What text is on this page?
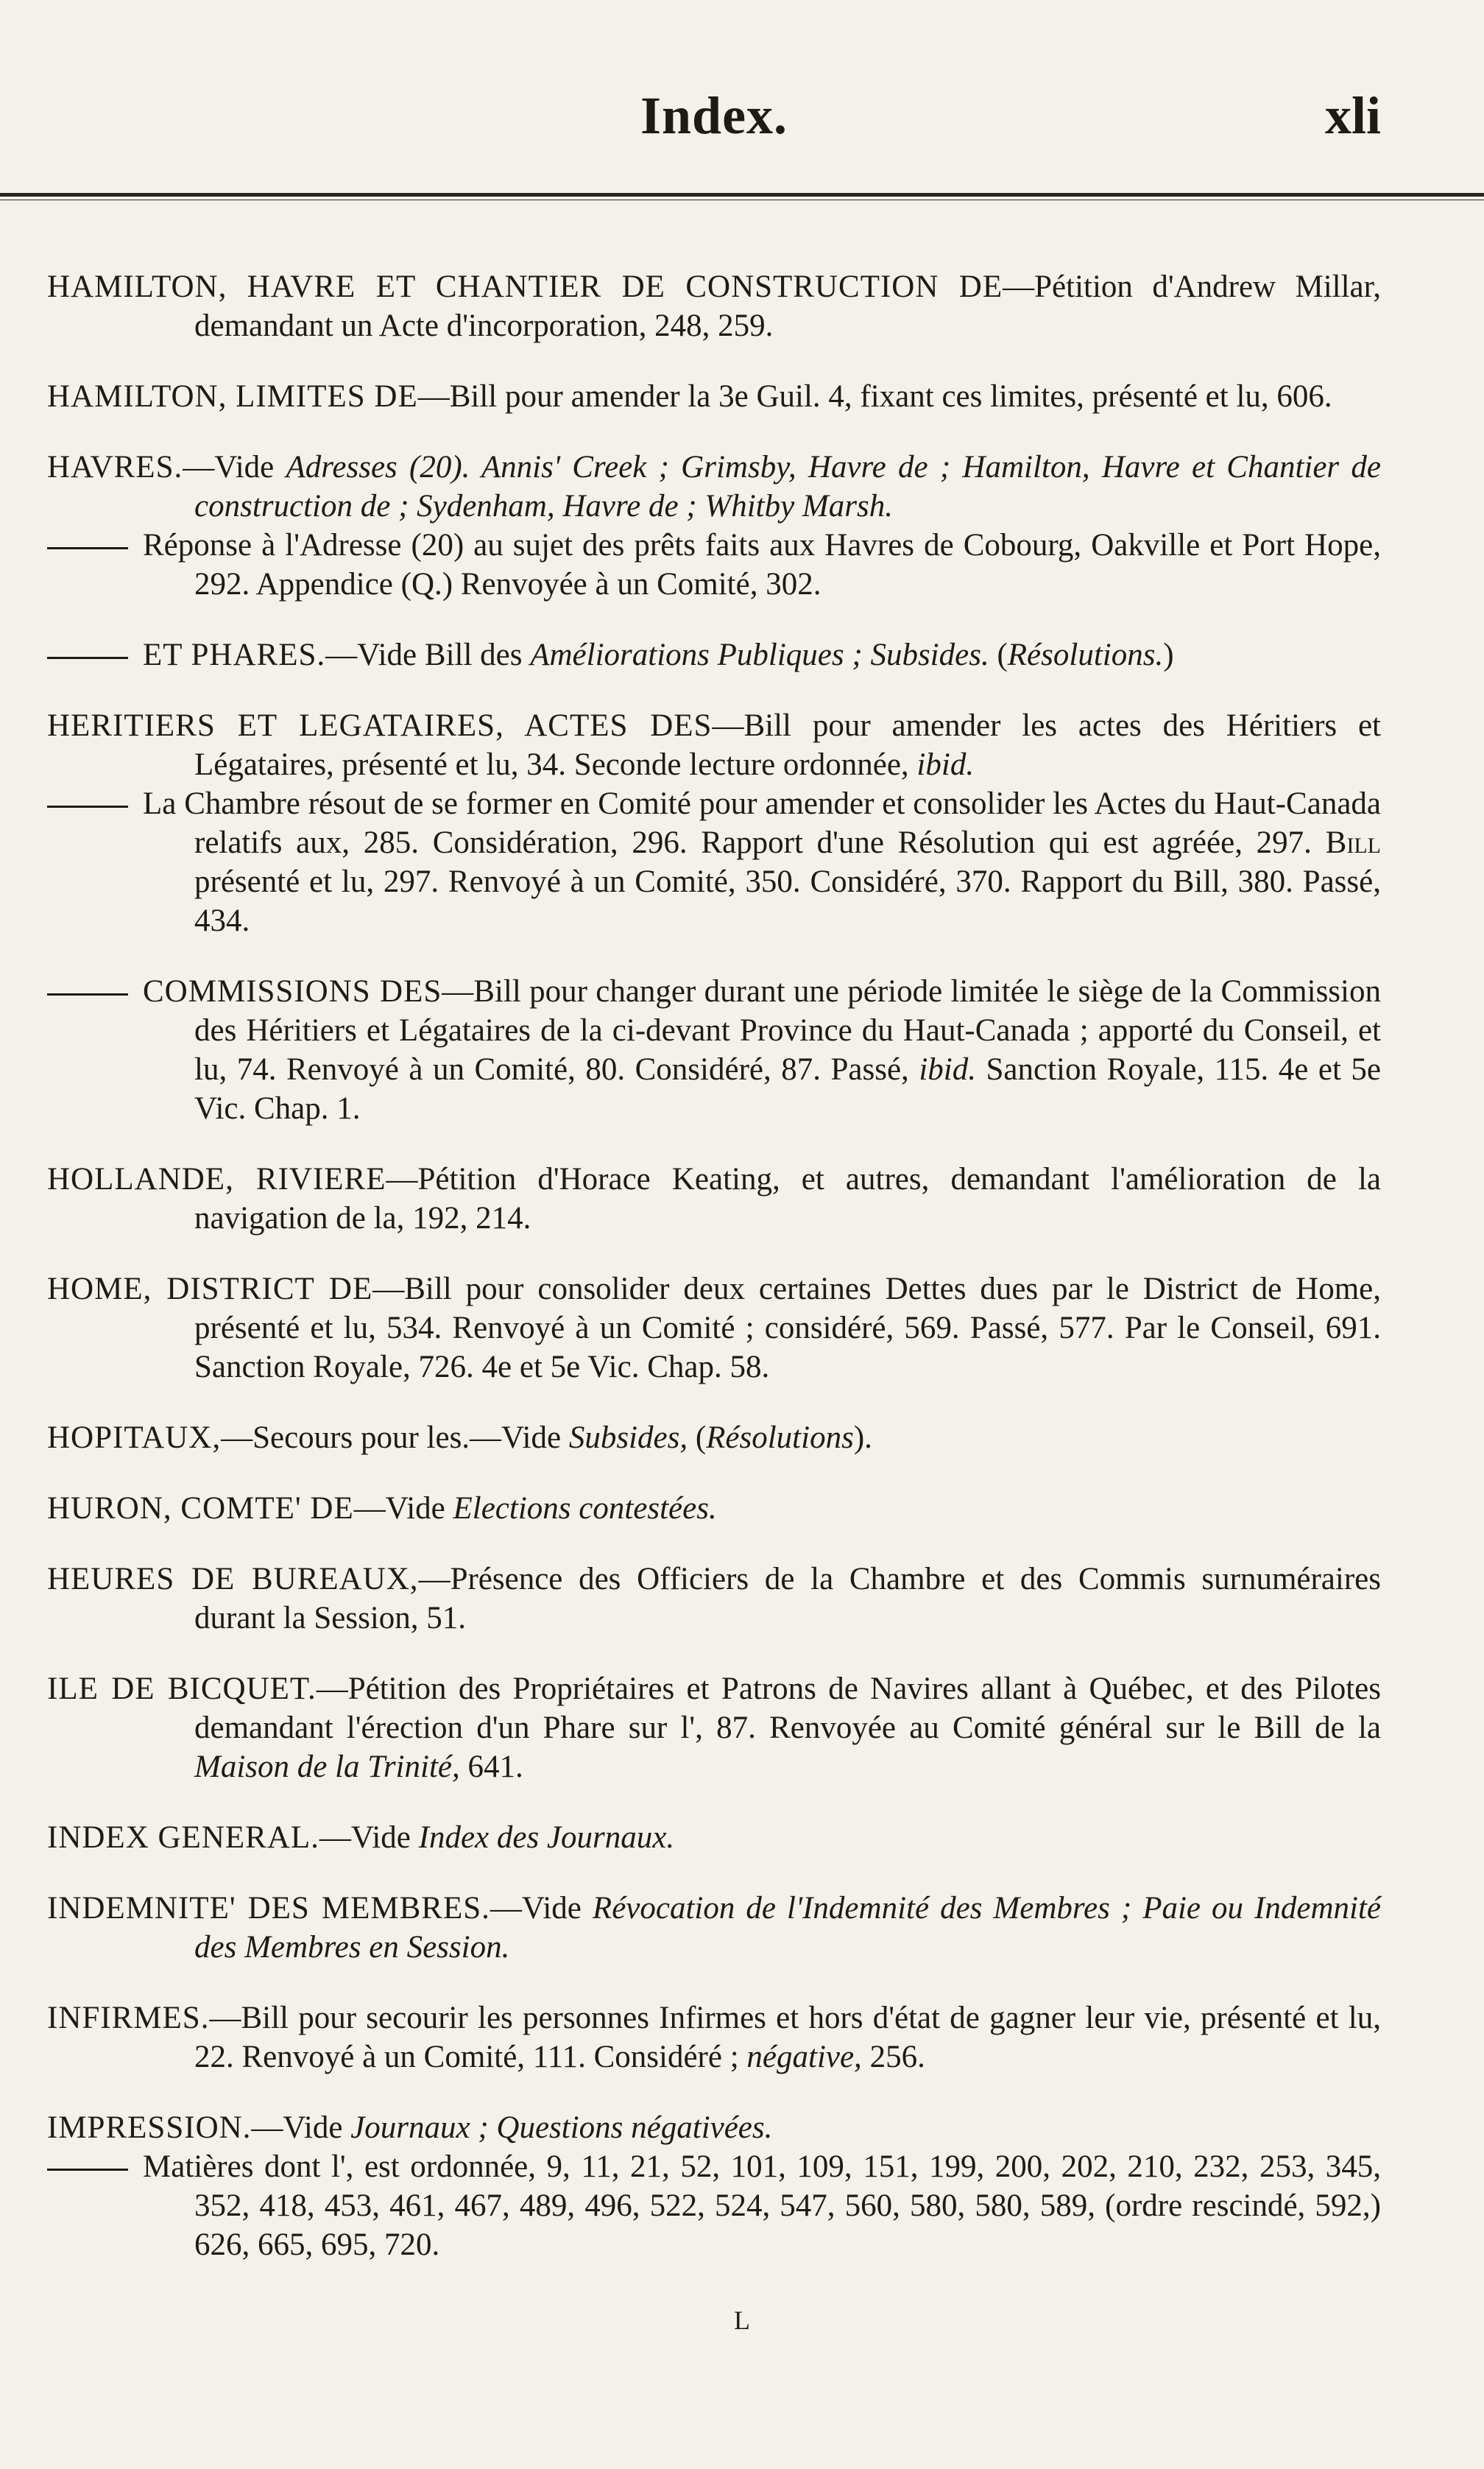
Index.	xli

HAMILTON, HAVRE ET CHANTIER DE CONSTRUCTION DE—Pétition d'Andrew Millar, demandant un Acte d'incorporation, 248, 259.

HAMILTON, LIMITES DE—Bill pour amender la 3e Guil. 4, fixant ces limites, présenté et lu, 606.

HAVRES.—Vide Adresses (20). Annis' Creek ; Grimsby, Havre de ; Hamilton, Havre et Chantier de construction de ; Sydenham, Havre de ; Whitby Marsh.

Réponse à l'Adresse (20) au sujet des prêts faits aux Havres de Cobourg, Oakville et Port Hope, 292. Appendice (Q.) Renvoyée à un Comité, 302.

ET PHARES.—Vide Bill des Améliorations Publiques ; Subsides. (Résolutions.)

HERITIERS ET LEGATAIRES, ACTES DES—Bill pour amender les actes des Héritiers et Légataires, présenté et lu, 34. Seconde lecture ordonnée, ibid.

La Chambre résout de se former en Comité pour amender et consolider les Actes du Haut-Canada relatifs aux, 285. Considération, 296. Rapport d'une Résolution qui est agréée, 297. Bill présenté et lu, 297. Renvoyé à un Comité, 350. Considéré, 370. Rapport du Bill, 380. Passé, 434.

COMMISSIONS DES—Bill pour changer durant une période limitée le siège de la Commission des Héritiers et Légataires de la ci-devant Province du Haut-Canada ; apporté du Conseil, et lu, 74. Renvoyé à un Comité, 80. Considéré, 87. Passé, ibid. Sanction Royale, 115. 4e et 5e Vic. Chap. 1.

HOLLANDE, RIVIERE—Pétition d'Horace Keating, et autres, demandant l'amélioration de la navigation de la, 192, 214.

HOME, DISTRICT DE—Bill pour consolider deux certaines Dettes dues par le District de Home, présenté et lu, 534. Renvoyé à un Comité ; considéré, 569. Passé, 577. Par le Conseil, 691. Sanction Royale, 726. 4e et 5e Vic. Chap. 58.

HOPITAUX,—Secours pour les.—Vide Subsides, (Résolutions).

HURON, COMTE' DE—Vide Elections contestées.

HEURES DE BUREAUX,—Présence des Officiers de la Chambre et des Commis surnuméraires durant la Session, 51.

ILE DE BICQUET.—Pétition des Propriétaires et Patrons de Navires allant à Québec, et des Pilotes demandant l'érection d'un Phare sur l', 87. Renvoyée au Comité général sur le Bill de la Maison de la Trinité, 641.

INDEX GENERAL.—Vide Index des Journaux.

INDEMNITE' DES MEMBRES.—Vide Révocation de l'Indemnité des Membres ; Paie ou Indemnité des Membres en Session.

INFIRMES.—Bill pour secourir les personnes Infirmes et hors d'état de gagner leur vie, présenté et lu, 22. Renvoyé à un Comité, 111. Considéré ; négative, 256.

IMPRESSION.—Vide Journaux ; Questions négativées.

Matières dont l', est ordonnée, 9, 11, 21, 52, 101, 109, 151, 199, 200, 202, 210, 232, 253, 345, 352, 418, 453, 461, 467, 489, 496, 522, 524, 547, 560, 580, 580, 589, (ordre rescindé, 592,) 626, 665, 695, 720.

L
